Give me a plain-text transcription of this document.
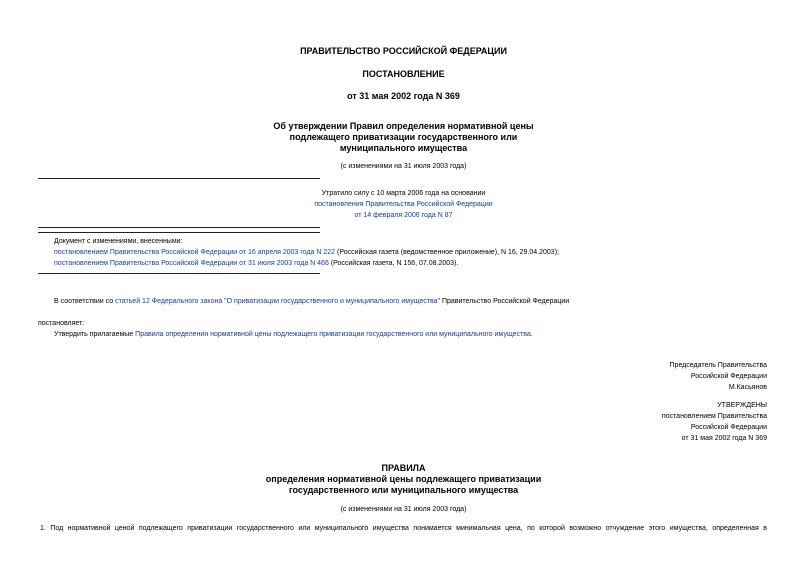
ПРАВИТЕЛЬСТВО РОССИЙСКОЙ ФЕДЕРАЦИИ
ПОСТАНОВЛЕНИЕ
от 31 мая 2002 года N 369
Об утверждении Правил определения нормативной цены
подлежащего приватизации государственного или
муниципального имущества
(с изменениями на 31 июля 2003 года)
Утратило силу с 10 марта 2006 года на основании
постановления Правительства Российской Федерации
от 14 февраля 2006 года N 87
Документ с изменениями, внесенными:
постановлением Правительства Российской Федерации от 16 апреля 2003 года N 222 (Российская газета (ведомственное приложение), N 16, 29.04.2003);
постановлением Правительства Российской Федерации от 31 июля 2003 года N 466 (Российская газета, N 156, 07.08.2003).
В соответствии со статьей 12 Федерального закона "О приватизации государственного и муниципального имущества" Правительство Российской Федерации
постановляет:
Утвердить прилагаемые Правила определения нормативной цены подлежащего приватизации государственного или муниципального имущества.
Председатель Правительства
Российской Федерации
М.Касьянов
УТВЕРЖДЕНЫ
постановлением Правительства
Российской Федерации
от 31 мая 2002 года N 369
ПРАВИЛА
определения нормативной цены подлежащего приватизации
государственного или муниципального имущества
(с изменениями на 31 июля 2003 года)
1. Под нормативной ценой подлежащего приватизации государственного или муниципального имущества понимается минимальная цена, по которой возможно отчуждение этого имущества, определенная в
